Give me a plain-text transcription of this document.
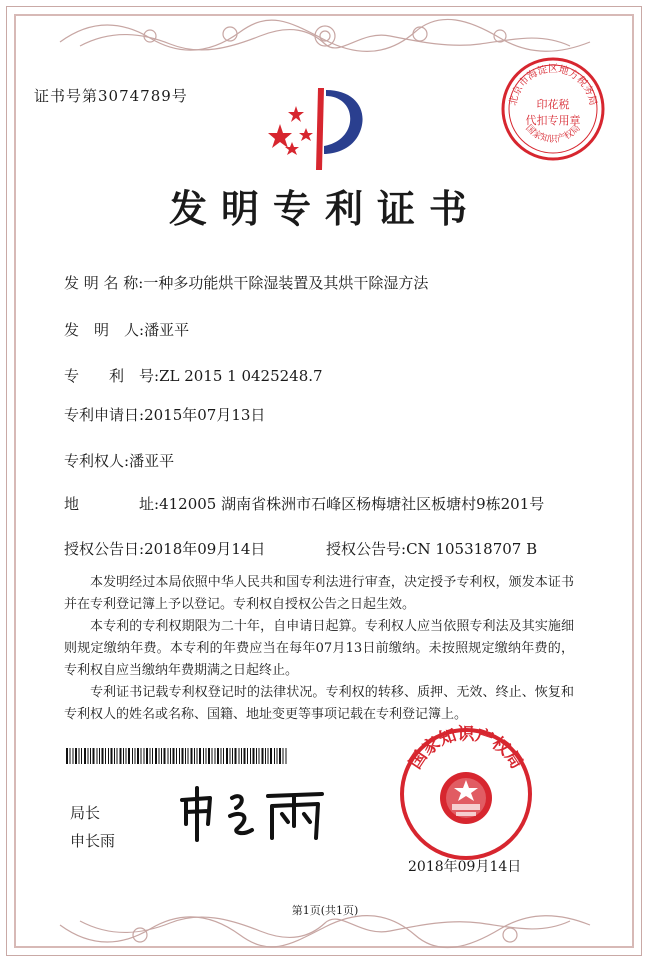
证书号第3074789号	北京市海淀区地方税务局
印花税
代扣专用章
国家知识产权局
发明专利证书
发 明 名 称:一种多功能烘干除湿装置及其烘干除湿方法
发　明　人:潘亚平
专　　利　号:ZL 2015 1 0425248.7
专利申请日:2015年07月13日
专利权人:潘亚平
地　　　　址:412005 湖南省株洲市石峰区杨梅塘社区板塘村9栋201号
授权公告日:2018年09月14日	授权公告号:CN 105318707 B
本发明经过本局依照中华人民共和国专利法进行审查，决定授予专利权，颁发本证书并在专利登记簿上予以登记。专利权自授权公告之日起生效。
本专利的专利权期限为二十年，自申请日起算。专利权人应当依照专利法及其实施细则规定缴纳年费。本专利的年费应当在每年07月13日前缴纳。未按照规定缴纳年费的，专利权自应当缴纳年费期满之日起终止。
专利证书记载专利权登记时的法律状况。专利权的转移、质押、无效、终止、恢复和专利权人的姓名或名称、国籍、地址变更等事项记载在专利登记簿上。
局长
申长雨
国家知识产权局
2018年09月14日
第1页(共1页)
